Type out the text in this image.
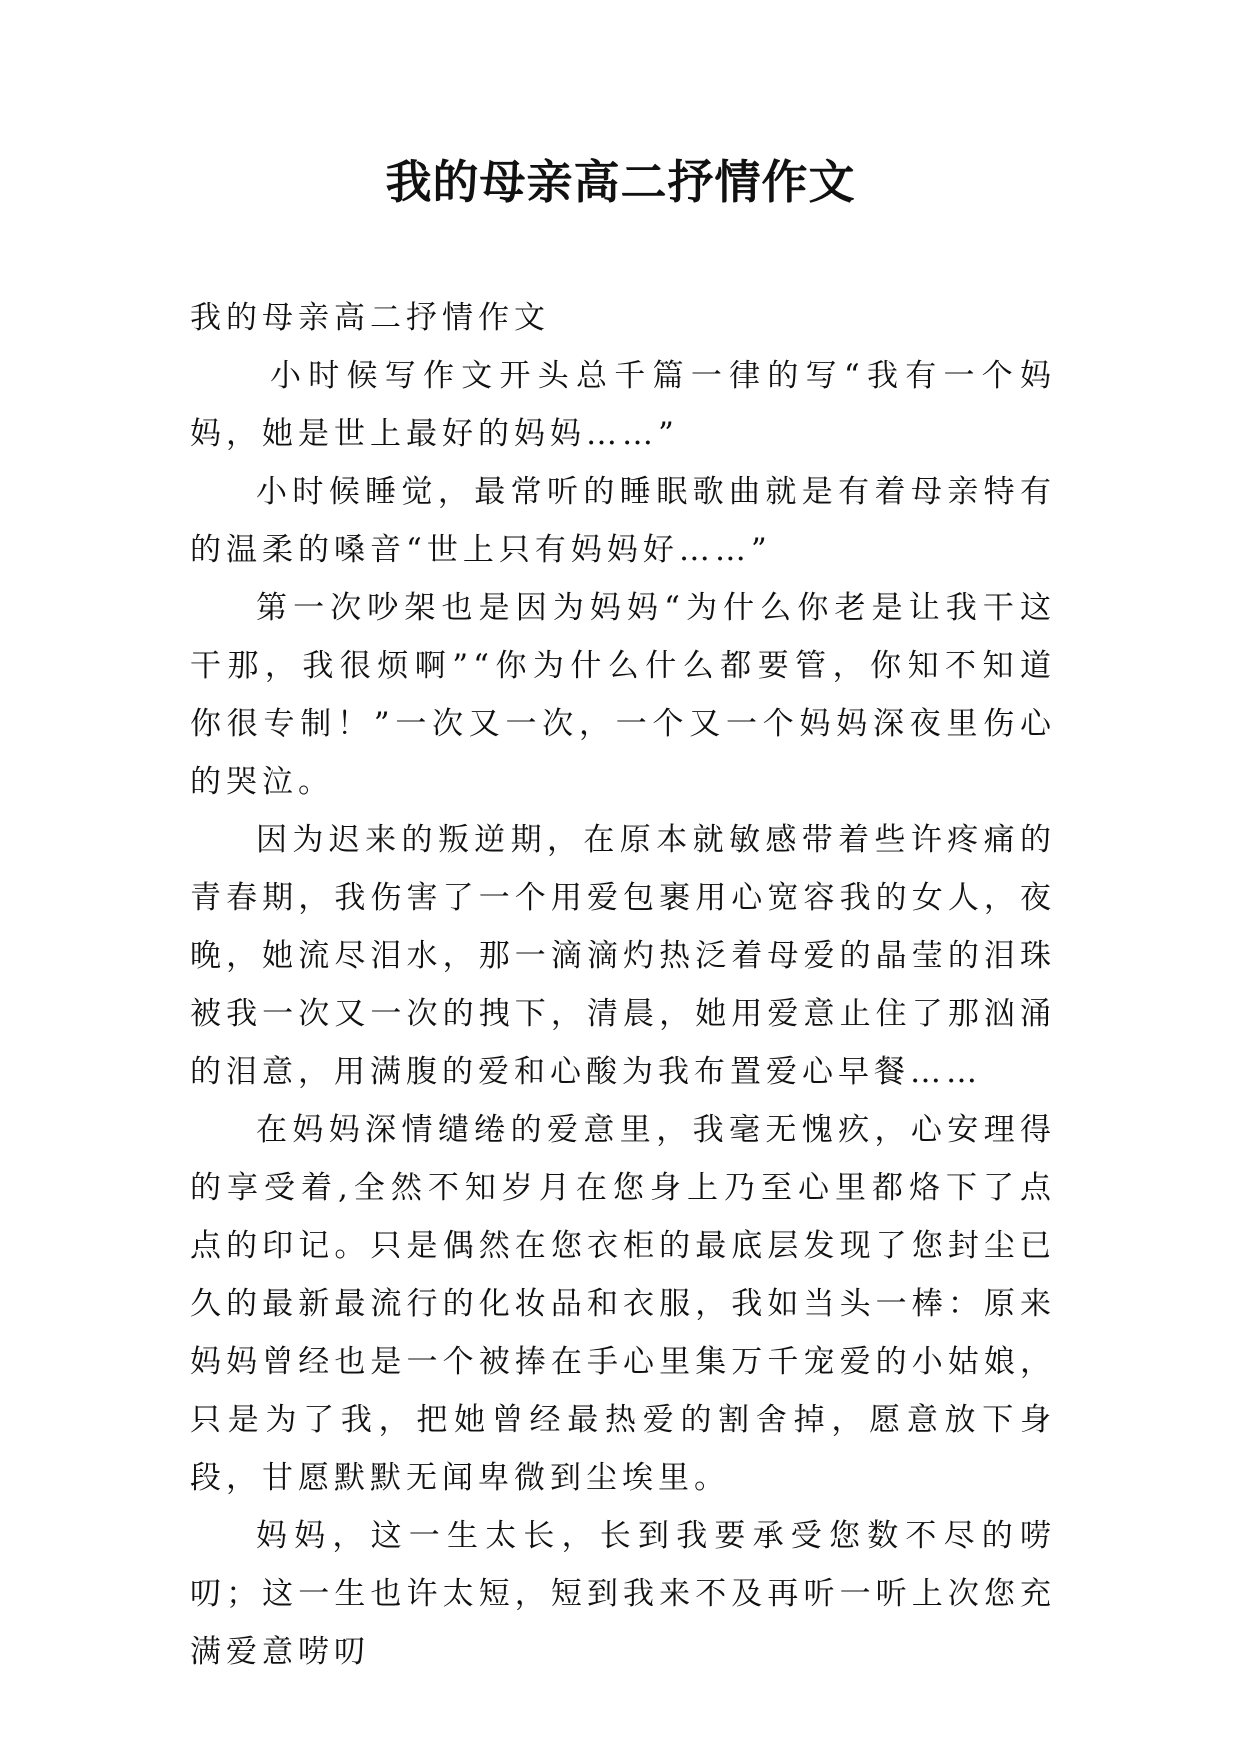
我的母亲高二抒情作文

我的母亲高二抒情作文

小时候写作文开头总千篇一律的写“我有一个妈妈，她是世上最好的妈妈……”

小时候睡觉，最常听的睡眠歌曲就是有着母亲特有的温柔的嗓音“世上只有妈妈好……”

第一次吵架也是因为妈妈“为什么你老是让我干这干那，我很烦啊”“你为什么什么都要管，你知不知道你很专制！”一次又一次，一个又一个妈妈深夜里伤心的哭泣。

因为迟来的叛逆期，在原本就敏感带着些许疼痛的青春期，我伤害了一个用爱包裹用心宽容我的女人，夜晚，她流尽泪水，那一滴滴灼热泛着母爱的晶莹的泪珠被我一次又一次的拽下，清晨，她用爱意止住了那汹涌的泪意，用满腹的爱和心酸为我布置爱心早餐……

在妈妈深情缱绻的爱意里，我毫无愧疚，心安理得的享受着,全然不知岁月在您身上乃至心里都烙下了点点的印记。只是偶然在您衣柜的最底层发现了您封尘已久的最新最流行的化妆品和衣服，我如当头一棒：原来妈妈曾经也是一个被捧在手心里集万千宠爱的小姑娘，只是为了我，把她曾经最热爱的割舍掉，愿意放下身段，甘愿默默无闻卑微到尘埃里。

妈妈，这一生太长，长到我要承受您数不尽的唠叨；这一生也许太短，短到我来不及再听一听上次您充满爱意唠叨
